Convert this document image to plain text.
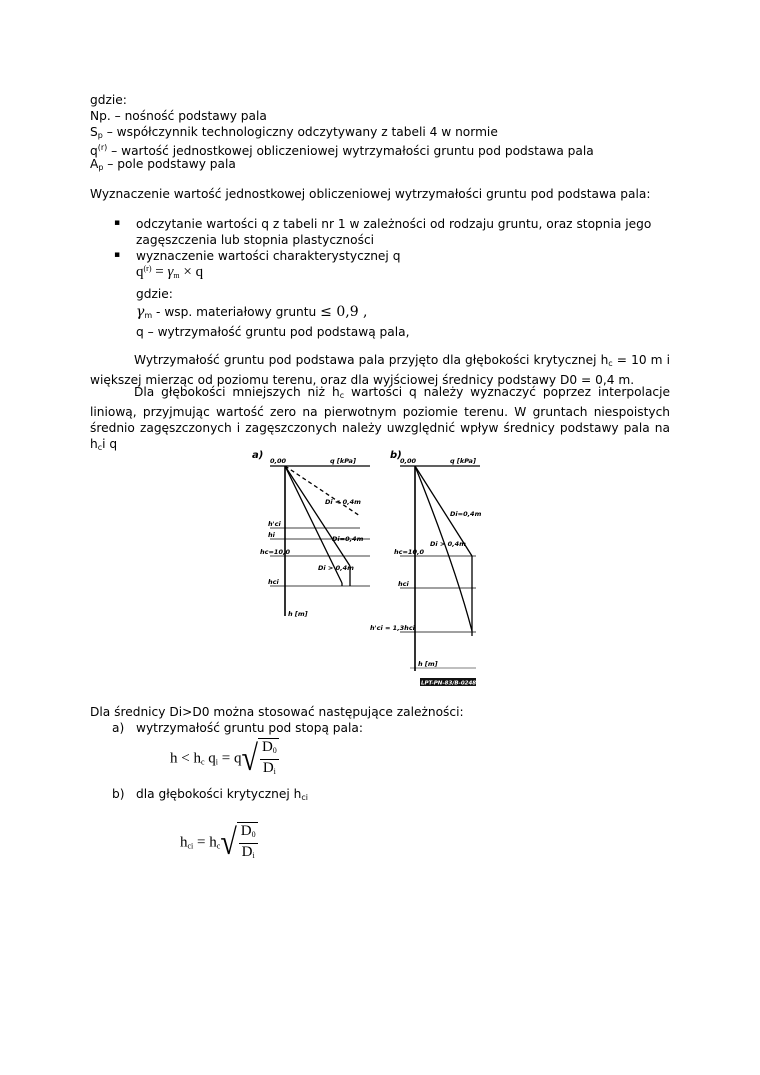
gdzie:
Np. – nośność podstawy pala
$S_p$ – współczynnik technologiczny odczytywany z tabeli 4 w normie
$q^{(r)}$ – wartość jednostkowej obliczeniowej wytrzymałości gruntu pod podstawa pala
$A_p$ – pole podstawy pala
Wyznaczenie wartość jednostkowej obliczeniowej wytrzymałości gruntu pod podstawa pala:
▪ odczytanie wartości q z tabeli nr 1 w zależności od rodzaju gruntu, oraz stopnia jego
zagęszczenia lub stopnia plastyczności
▪ wyznaczenie wartości charakterystycznej q
$q^{(r)} = \gamma_m \times q$
gdzie:
$\gamma_m$ - wsp. materiałowy gruntu ≤ 0,9 ,
q – wytrzymałość gruntu pod podstawą pala,
Wytrzymałość gruntu pod podstawa pala przyjęto dla głębokości krytycznej $h_c = 10$ m i większej mierząc od poziomu terenu, oraz dla wyjściowej średnicy podstawy D0 = 0,4 m.
Dla głębokości mniejszych niż $h_c$ wartości q należy wyznaczyć poprzez interpolacje liniową, przyjmując wartość zero na pierwotnym poziomie terenu. W gruntach niespoistych średnio zagęszczonych i zagęszczonych należy uwzględnić wpływ średnicy podstawy pala na $h_ci$ q
a) 0,00	q [kPa]
Di < 0,4m
Di=0,4m
Di > 0,4m
h'ci
hi
hc=10,0
hci
h [m]
b)
0,00	q [kPa]
Di=0,4m
Di > 0,4m
hc=10,0
hci
h'ci = 1,3hci
h [m]
LPT-PN-83/B-02482
Dla średnicy Di>D0 można stosować następujące zależności:
a) wytrzymałość gruntu pod stopą pala:
$h < h_c$ $q_i = q√ \frac{D_0}{D_i}$
b) dla głębokości krytycznej $h_{ci}$
$h_{ci} = h_c√ \frac{D_0}{D_i}$
